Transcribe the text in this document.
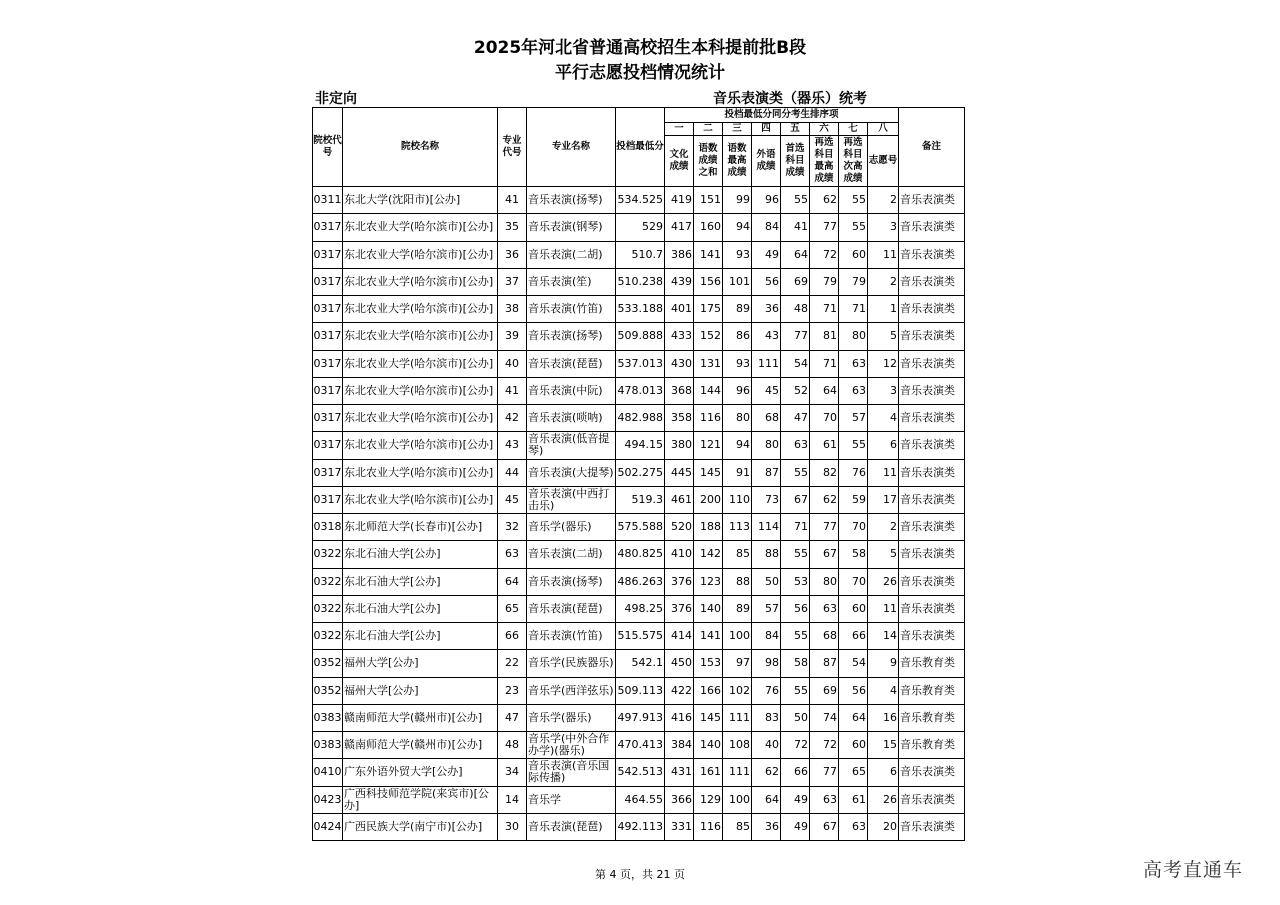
2025年河北省普通高校招生本科提前批B段
平行志愿投档情况统计
非定向	音乐表演类（器乐）统考
院校代号	院校名称	专业代号	专业名称	投档最低分	投档最低分同分考生排序项								备注
					一	二	三	四	五	六	七	八	
					文化成绩	语数成绩之和	语数最高成绩	外语成绩	首选科目成绩	再选科目最高成绩	再选科目次高成绩	志愿号	
0311	东北大学(沈阳市)[公办]	41	音乐表演(扬琴)	534.525	419	151	99	96	55	62	55	2	音乐表演类
0317	东北农业大学(哈尔滨市)[公办]	35	音乐表演(钢琴)	529	417	160	94	84	41	77	55	3	音乐表演类
0317	东北农业大学(哈尔滨市)[公办]	36	音乐表演(二胡)	510.7	386	141	93	49	64	72	60	11	音乐表演类
0317	东北农业大学(哈尔滨市)[公办]	37	音乐表演(笙)	510.238	439	156	101	56	69	79	79	2	音乐表演类
0317	东北农业大学(哈尔滨市)[公办]	38	音乐表演(竹笛)	533.188	401	175	89	36	48	71	71	1	音乐表演类
0317	东北农业大学(哈尔滨市)[公办]	39	音乐表演(扬琴)	509.888	433	152	86	43	77	81	80	5	音乐表演类
0317	东北农业大学(哈尔滨市)[公办]	40	音乐表演(琵琶)	537.013	430	131	93	111	54	71	63	12	音乐表演类
0317	东北农业大学(哈尔滨市)[公办]	41	音乐表演(中阮)	478.013	368	144	96	45	52	64	63	3	音乐表演类
0317	东北农业大学(哈尔滨市)[公办]	42	音乐表演(唢呐)	482.988	358	116	80	68	47	70	57	4	音乐表演类
0317	东北农业大学(哈尔滨市)[公办]	43	音乐表演(低音提琴)	494.15	380	121	94	80	63	61	55	6	音乐表演类
0317	东北农业大学(哈尔滨市)[公办]	44	音乐表演(大提琴)	502.275	445	145	91	87	55	82	76	11	音乐表演类
0317	东北农业大学(哈尔滨市)[公办]	45	音乐表演(中西打击乐)	519.3	461	200	110	73	67	62	59	17	音乐表演类
0318	东北师范大学(长春市)[公办]	32	音乐学(器乐)	575.588	520	188	113	114	71	77	70	2	音乐表演类
0322	东北石油大学[公办]	63	音乐表演(二胡)	480.825	410	142	85	88	55	67	58	5	音乐表演类
0322	东北石油大学[公办]	64	音乐表演(扬琴)	486.263	376	123	88	50	53	80	70	26	音乐表演类
0322	东北石油大学[公办]	65	音乐表演(琵琶)	498.25	376	140	89	57	56	63	60	11	音乐表演类
0322	东北石油大学[公办]	66	音乐表演(竹笛)	515.575	414	141	100	84	55	68	66	14	音乐表演类
0352	福州大学[公办]	22	音乐学(民族器乐)	542.1	450	153	97	98	58	87	54	9	音乐教育类
0352	福州大学[公办]	23	音乐学(西洋弦乐)	509.113	422	166	102	76	55	69	56	4	音乐教育类
0383	赣南师范大学(赣州市)[公办]	47	音乐学(器乐)	497.913	416	145	111	83	50	74	64	16	音乐教育类
0383	赣南师范大学(赣州市)[公办]	48	音乐学(中外合作办学)(器乐)	470.413	384	140	108	40	72	72	60	15	音乐教育类
0410	广东外语外贸大学[公办]	34	音乐表演(音乐国际传播)	542.513	431	161	111	62	66	77	65	6	音乐表演类
0423	广西科技师范学院(来宾市)[公办]	14	音乐学	464.55	366	129	100	64	49	63	61	26	音乐表演类
0424	广西民族大学(南宁市)[公办]	30	音乐表演(琵琶)	492.113	331	116	85	36	49	67	63	20	音乐表演类
第 4 页，共 21 页	高考直通车
